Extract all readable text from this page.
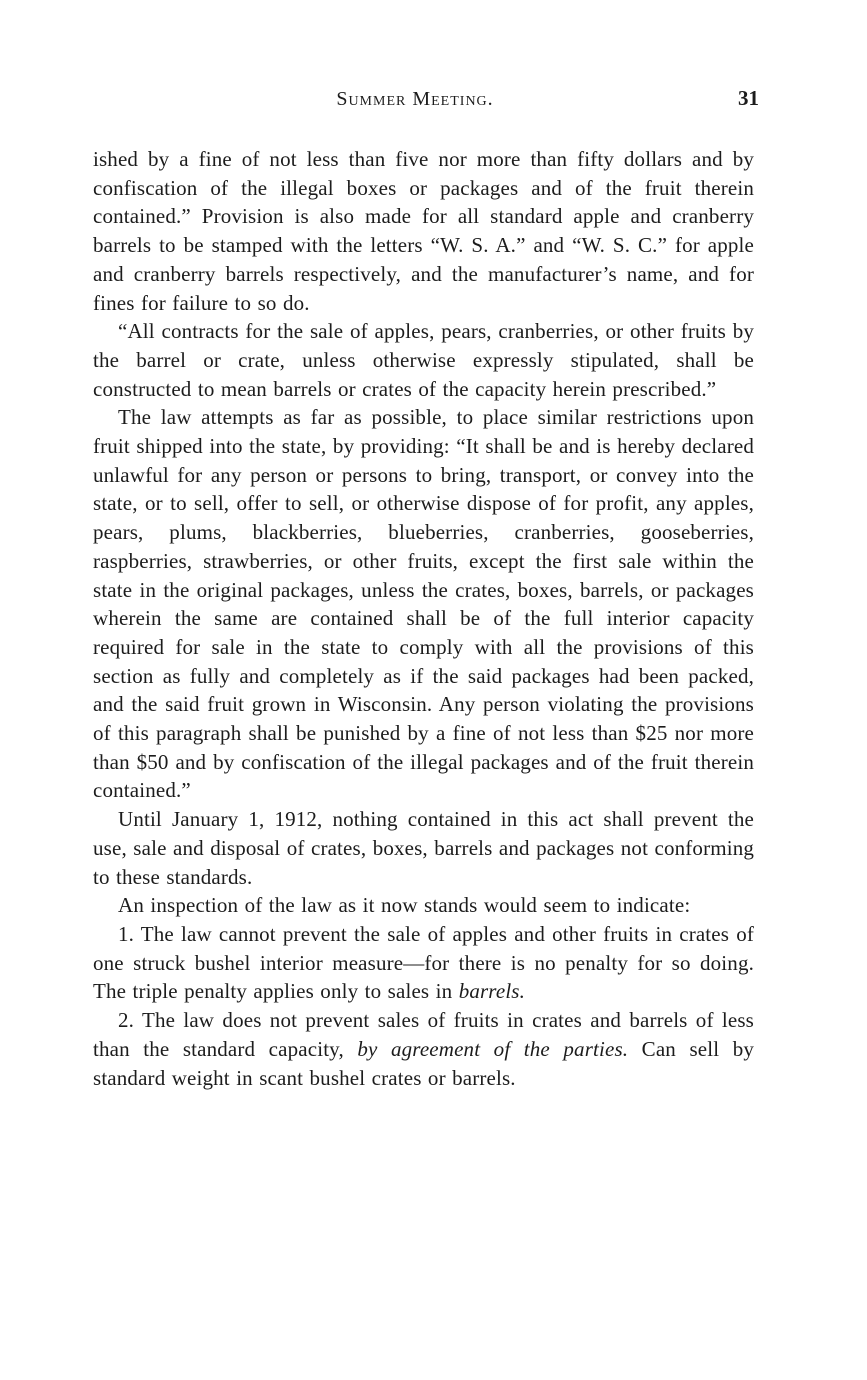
Summer Meeting.	31

ished by a fine of not less than five nor more than fifty dollars and by confiscation of the illegal boxes or packages and of the fruit therein contained.” Provision is also made for all standard apple and cranberry barrels to be stamped with the letters “W. S. A.” and “W. S. C.” for apple and cranberry barrels respectively, and the manufacturer’s name, and for fines for failure to so do.

“All contracts for the sale of apples, pears, cranberries, or other fruits by the barrel or crate, unless otherwise expressly stipulated, shall be constructed to mean barrels or crates of the capacity herein prescribed.”

The law attempts as far as possible, to place similar restrictions upon fruit shipped into the state, by providing: “It shall be and is hereby declared unlawful for any person or persons to bring, transport, or convey into the state, or to sell, offer to sell, or otherwise dispose of for profit, any apples, pears, plums, blackberries, blueberries, cranberries, gooseberries, raspberries, strawberries, or other fruits, except the first sale within the state in the original packages, unless the crates, boxes, barrels, or packages wherein the same are contained shall be of the full interior capacity required for sale in the state to comply with all the provisions of this section as fully and completely as if the said packages had been packed, and the said fruit grown in Wisconsin. Any person violating the provisions of this paragraph shall be punished by a fine of not less than $25 nor more than $50 and by confiscation of the illegal packages and of the fruit therein contained.”

Until January 1, 1912, nothing contained in this act shall prevent the use, sale and disposal of crates, boxes, barrels and packages not conforming to these standards.

An inspection of the law as it now stands would seem to indicate:

1. The law cannot prevent the sale of apples and other fruits in crates of one struck bushel interior measure—for there is no penalty for so doing. The triple penalty applies only to sales in barrels.

2. The law does not prevent sales of fruits in crates and barrels of less than the standard capacity, by agreement of the parties. Can sell by standard weight in scant bushel crates or barrels.
